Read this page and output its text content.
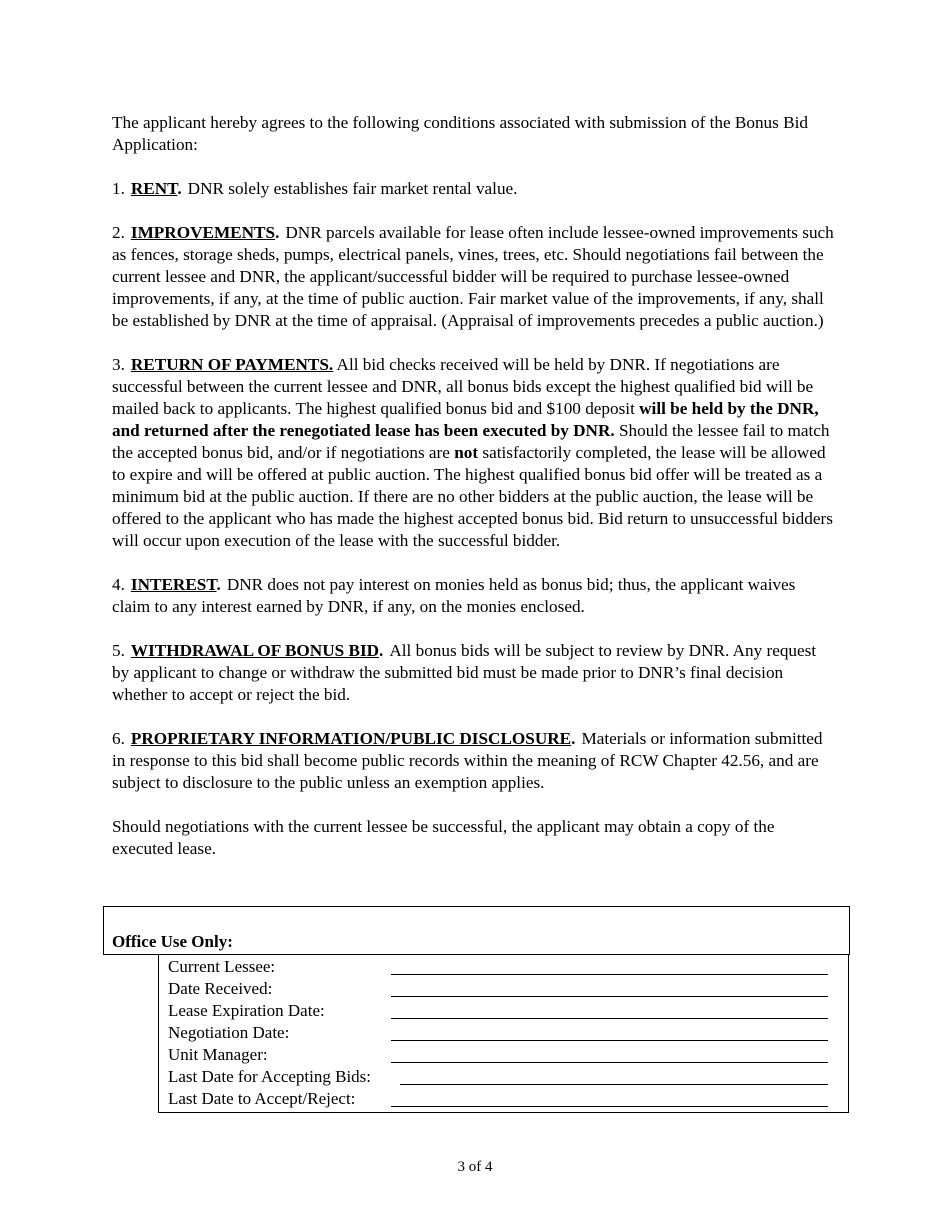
The applicant hereby agrees to the following conditions associated with submission of the Bonus Bid Application:

1. RENT. DNR solely establishes fair market rental value.

2. IMPROVEMENTS. DNR parcels available for lease often include lessee-owned improvements such as fences, storage sheds, pumps, electrical panels, vines, trees, etc. Should negotiations fail between the current lessee and DNR, the applicant/successful bidder will be required to purchase lessee-owned improvements, if any, at the time of public auction. Fair market value of the improvements, if any, shall be established by DNR at the time of appraisal. (Appraisal of improvements precedes a public auction.)

3. RETURN OF PAYMENTS. All bid checks received will be held by DNR. If negotiations are successful between the current lessee and DNR, all bonus bids except the highest qualified bid will be mailed back to applicants. The highest qualified bonus bid and $100 deposit will be held by the DNR, and returned after the renegotiated lease has been executed by DNR. Should the lessee fail to match the accepted bonus bid, and/or if negotiations are not satisfactorily completed, the lease will be allowed to expire and will be offered at public auction. The highest qualified bonus bid offer will be treated as a minimum bid at the public auction. If there are no other bidders at the public auction, the lease will be offered to the applicant who has made the highest accepted bonus bid. Bid return to unsuccessful bidders will occur upon execution of the lease with the successful bidder.

4. INTEREST. DNR does not pay interest on monies held as bonus bid; thus, the applicant waives claim to any interest earned by DNR, if any, on the monies enclosed.

5. WITHDRAWAL OF BONUS BID. All bonus bids will be subject to review by DNR. Any request by applicant to change or withdraw the submitted bid must be made prior to DNR’s final decision whether to accept or reject the bid.

6. PROPRIETARY INFORMATION/PUBLIC DISCLOSURE. Materials or information submitted in response to this bid shall become public records within the meaning of RCW Chapter 42.56, and are subject to disclosure to the public unless an exemption applies.

Should negotiations with the current lessee be successful, the applicant may obtain a copy of the executed lease.

Office Use Only:
Current Lessee:
Date Received:
Lease Expiration Date:
Negotiation Date:
Unit Manager:
Last Date for Accepting Bids:
Last Date to Accept/Reject:
3 of 4
